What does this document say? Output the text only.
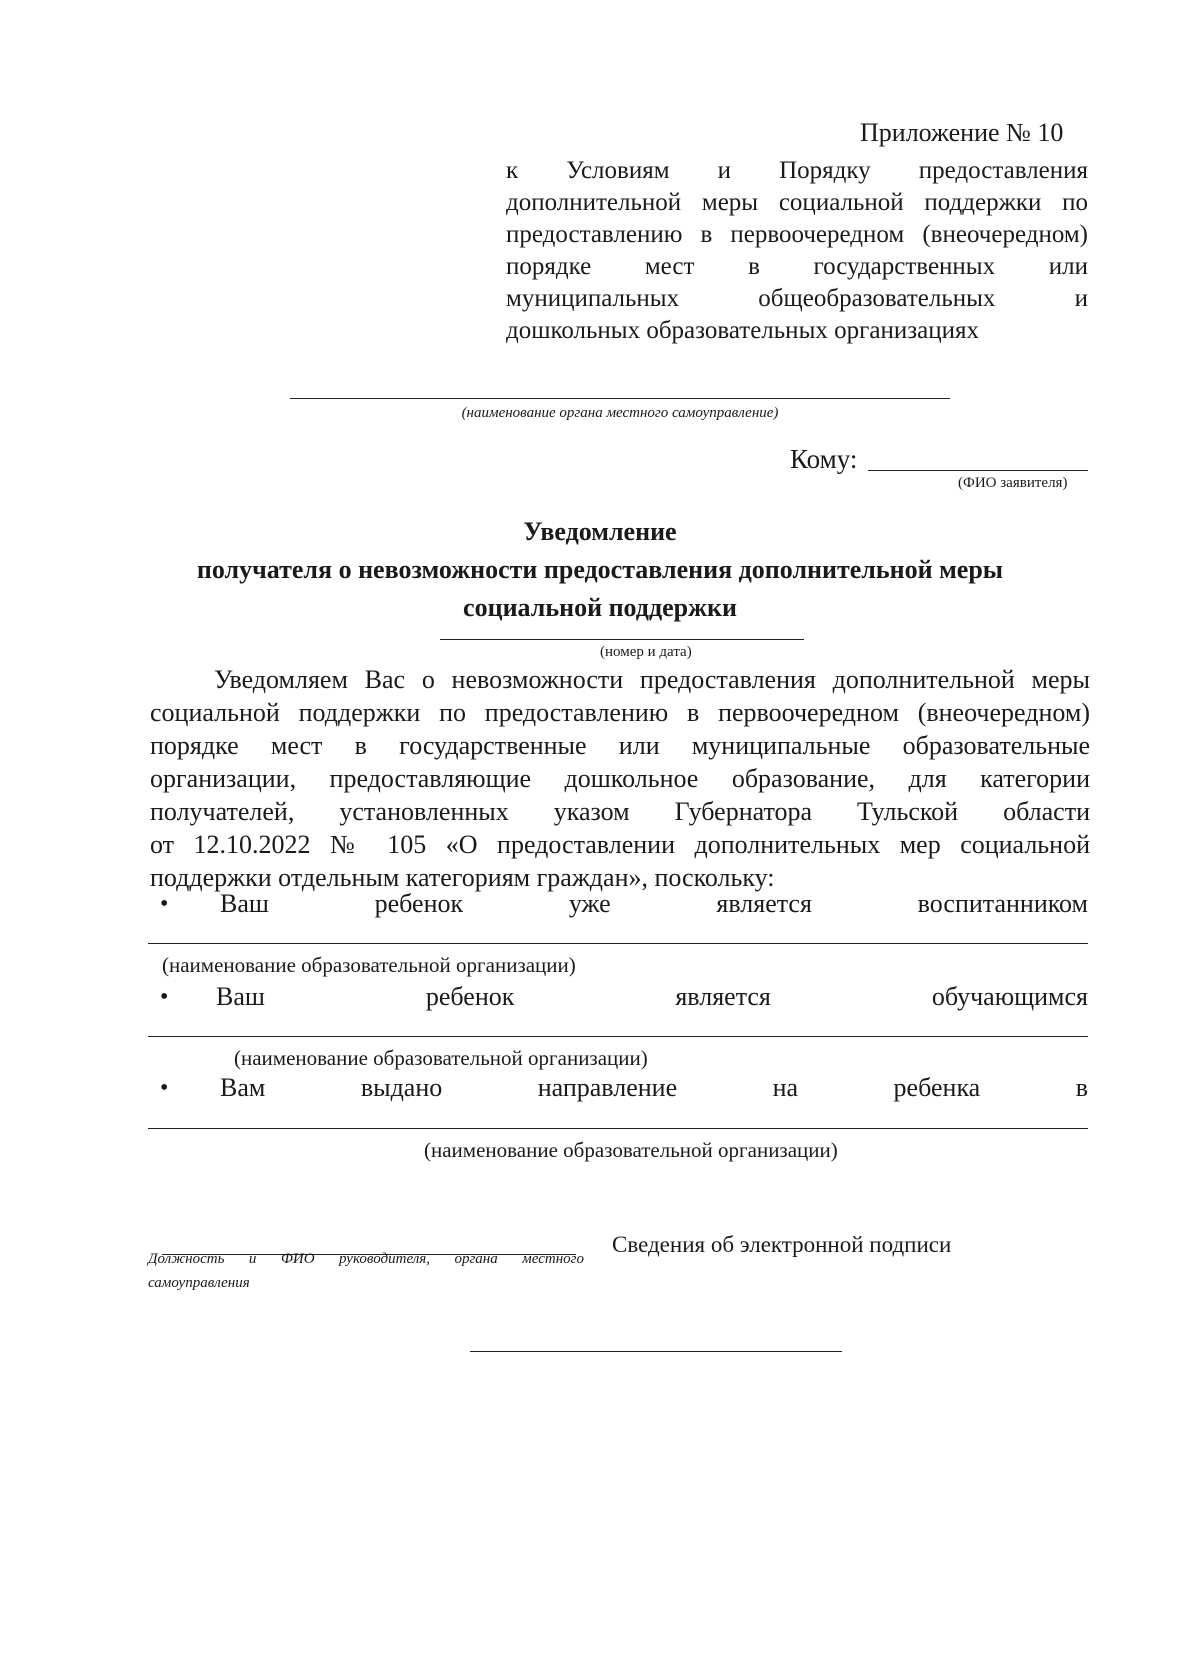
Приложение № 10
к Условиям и Порядку предоставления
дополнительной меры социальной поддержки по
предоставлению в первоочередном (внеочередном)
порядке мест в государственных или
муниципальных общеобразовательных и
дошкольных образовательных организациях
(наименование органа местного самоуправление)
Кому:
(ФИО заявителя)
Уведомление
получателя о невозможности предоставления дополнительной меры
социальной поддержки
(номер и дата)
Уведомляем Вас о невозможности предоставления дополнительной меры
социальной поддержки по предоставлению в первоочередном (внеочередном)
порядке мест в государственные или муниципальные образовательные
организации, предоставляющие дошкольное образование, для категории
получателей, установленных указом Губернатора Тульской области
от 12.10.2022 № 105 «О предоставлении дополнительных мер социальной
поддержки отдельным категориям граждан», поскольку:
• Ваш ребенок уже является воспитанником
(наименование образовательной организации)
• Ваш ребенок является обучающимся
(наименование образовательной организации)
• Вам выдано направление на ребенка в
(наименование образовательной организации)
Должность и ФИО руководителя, органа местного самоуправления
Сведения об электронной подписи
